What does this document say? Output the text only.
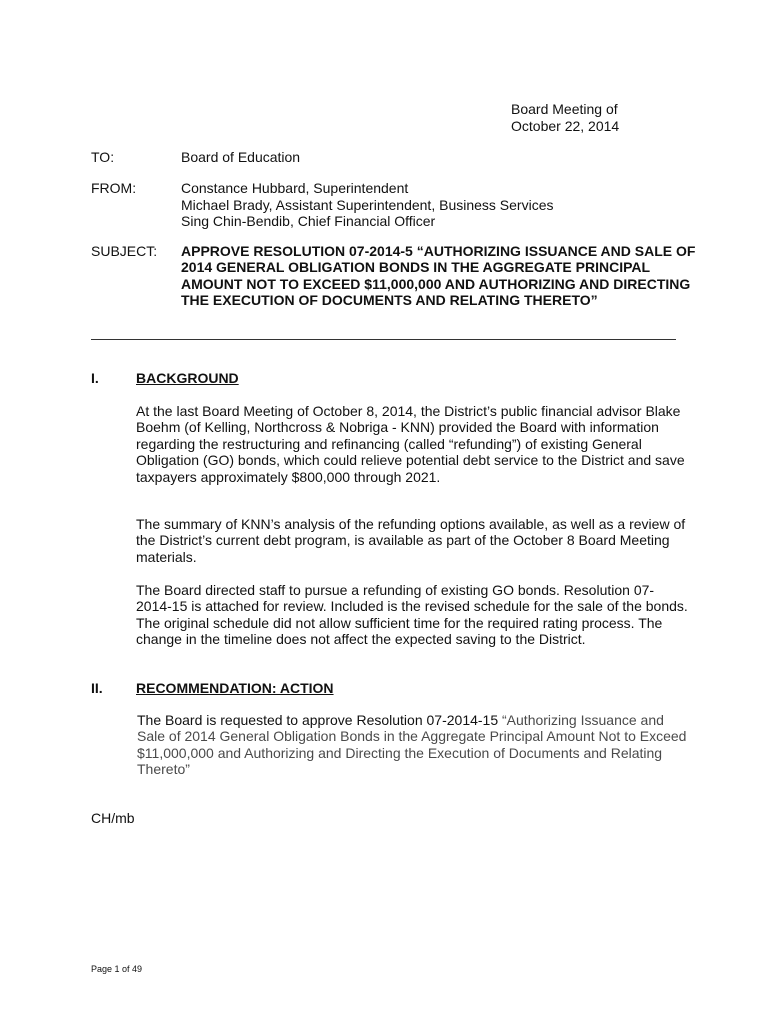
Board Meeting of
October 22, 2014
TO:	Board of Education
FROM:	Constance Hubbard, Superintendent
Michael Brady, Assistant Superintendent, Business Services
Sing Chin-Bendib, Chief Financial Officer
SUBJECT: APPROVE RESOLUTION 07-2014-5 “AUTHORIZING ISSUANCE AND SALE OF 2014 GENERAL OBLIGATION BONDS IN THE AGGREGATE PRINCIPAL AMOUNT NOT TO EXCEED $11,000,000 AND AUTHORIZING AND DIRECTING THE EXECUTION OF DOCUMENTS AND RELATING THERETO”
I.	BACKGROUND
At the last Board Meeting of October 8, 2014, the District’s public financial advisor Blake Boehm (of Kelling, Northcross & Nobriga - KNN) provided the Board with information regarding the restructuring and refinancing (called “refunding”) of existing General Obligation (GO) bonds, which could relieve potential debt service to the District and save taxpayers approximately $800,000 through 2021.
The summary of KNN’s analysis of the refunding options available, as well as a review of the District’s current debt program, is available as part of the October 8 Board Meeting materials.
The Board directed staff to pursue a refunding of existing GO bonds. Resolution 07-2014-15 is attached for review. Included is the revised schedule for the sale of the bonds. The original schedule did not allow sufficient time for the required rating process. The change in the timeline does not affect the expected saving to the District.
II. RECOMMENDATION: ACTION
The Board is requested to approve Resolution 07-2014-15 “Authorizing Issuance and Sale of 2014 General Obligation Bonds in the Aggregate Principal Amount Not to Exceed $11,000,000 and Authorizing and Directing the Execution of Documents and Relating Thereto”
CH/mb
Page 1 of 49
